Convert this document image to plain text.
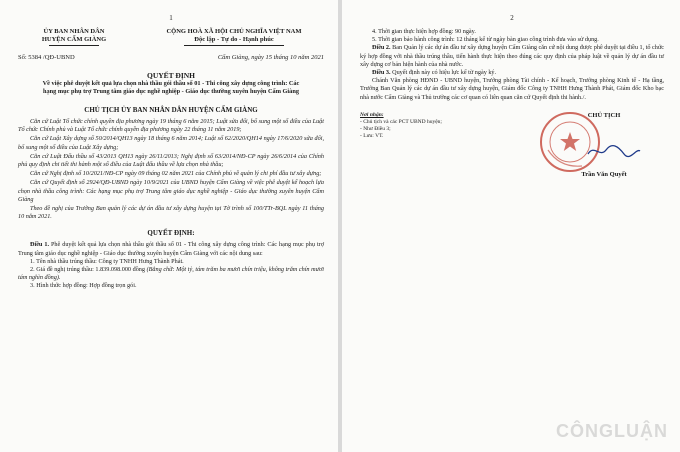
1
ỦY BAN NHÂN DÂN
HUYỆN CẨM GIÀNG
CỘNG HOÀ XÃ HỘI CHỦ NGHĨA VIỆT NAM
Độc lập - Tự do - Hạnh phúc
Số: 5384 /QĐ-UBND	Cẩm Giàng, ngày 15 tháng 10 năm 2021
QUYẾT ĐỊNH
Về việc phê duyệt kết quả lựa chọn nhà thầu gói thầu số 01 - Thi công xây dựng công trình: Các hạng mục phụ trợ Trung tâm giáo dục nghề nghiệp - Giáo dục thường xuyên huyện Cẩm Giàng
CHỦ TỊCH ỦY BAN NHÂN DÂN HUYỆN CẨM GIÀNG

Căn cứ Luật Tổ chức chính quyền địa phương ngày 19 tháng 6 năm 2015; Luật sửa đổi, bổ sung một số điều của Luật Tổ chức Chính phủ và Luật Tổ chức chính quyền địa phương ngày 22 tháng 11 năm 2019;

Căn cứ Luật Xây dựng số 50/2014/QH13 ngày 18 tháng 6 năm 2014; Luật số 62/2020/QH14 ngày 17/6/2020 sửa đổi, bổ sung một số điều của Luật Xây dựng;

Căn cứ Luật Đấu thầu số 43/2013 QH13 ngày 26/11/2013; Nghị định số 63/2014/NĐ-CP ngày 26/6/2014 của Chính phủ quy định chi tiết thi hành một số điều của Luật đấu thầu về lựa chọn nhà thầu;

Căn cứ Nghị định số 10/2021/NĐ-CP ngày 09 tháng 02 năm 2021 của Chính phủ về quản lý chi phí đầu tư xây dựng;

Căn cứ Quyết định số 2924/QĐ-UBND ngày 10/9/2021 của UBND huyện Cẩm Giàng về việc phê duyệt kế hoạch lựa chọn nhà thầu công trình: Các hạng mục phụ trợ Trung tâm giáo dục nghề nghiệp - Giáo dục thường xuyên huyện Cẩm Giàng

Theo đề nghị của Trưởng Ban quản lý các dự án đầu tư xây dựng huyện tại Tờ trình số 100/TTr-BQL ngày 11 tháng 10 năm 2021.

QUYẾT ĐỊNH:

Điều 1. Phê duyệt kết quả lựa chọn nhà thầu gói thầu số 01 - Thi công xây dựng công trình: Các hạng mục phụ trợ Trung tâm giáo dục nghề nghiệp - Giáo dục thường xuyên huyện Cẩm Giàng với các nội dung sau:

1. Tên nhà thầu trúng thầu: Công ty TNHH Hưng Thành Phát.

2. Giá đề nghị trúng thầu: 1.839.098.000 đồng (Bằng chữ: Một tỷ, tám trăm ba mươi chín triệu, không trăm chín mươi tám nghìn đồng).

3. Hình thức hợp đồng: Hợp đồng trọn gói.

2

4. Thời gian thực hiện hợp đồng: 90 ngày.

5. Thời gian bảo hành công trình: 12 tháng kể từ ngày bàn giao công trình đưa vào sử dụng.

Điều 2. Ban Quản lý các dự án đầu tư xây dựng huyện Cẩm Giàng căn cứ nội dung được phê duyệt tại điều 1, tổ chức ký hợp đồng với nhà thầu trúng thầu, tiến hành thực hiện theo đúng các quy định của pháp luật về quản lý dự án đầu tư xây dựng cơ bản hiện hành của nhà nước.

Điều 3. Quyết định này có hiệu lực kể từ ngày ký.

Chánh Văn phòng HĐND - UBND huyện, Trưởng phòng Tài chính - Kế hoạch, Trưởng phòng Kinh tế - Hạ tầng, Trưởng Ban Quản lý các dự án đầu tư xây dựng huyện, Giám đốc Công ty TNHH Hưng Thành Phát, Giám đốc Kho bạc nhà nước Cẩm Giàng và Thủ trưởng các cơ quan có liên quan căn cứ Quyết định thi hành./.

Nơi nhận:
- Chủ tịch và các PCT UBND huyện;
- Như Điều 3;
- Lưu: VT.
CHỦ TỊCH
Trần Văn Quyết
CÔNGLUẬN
